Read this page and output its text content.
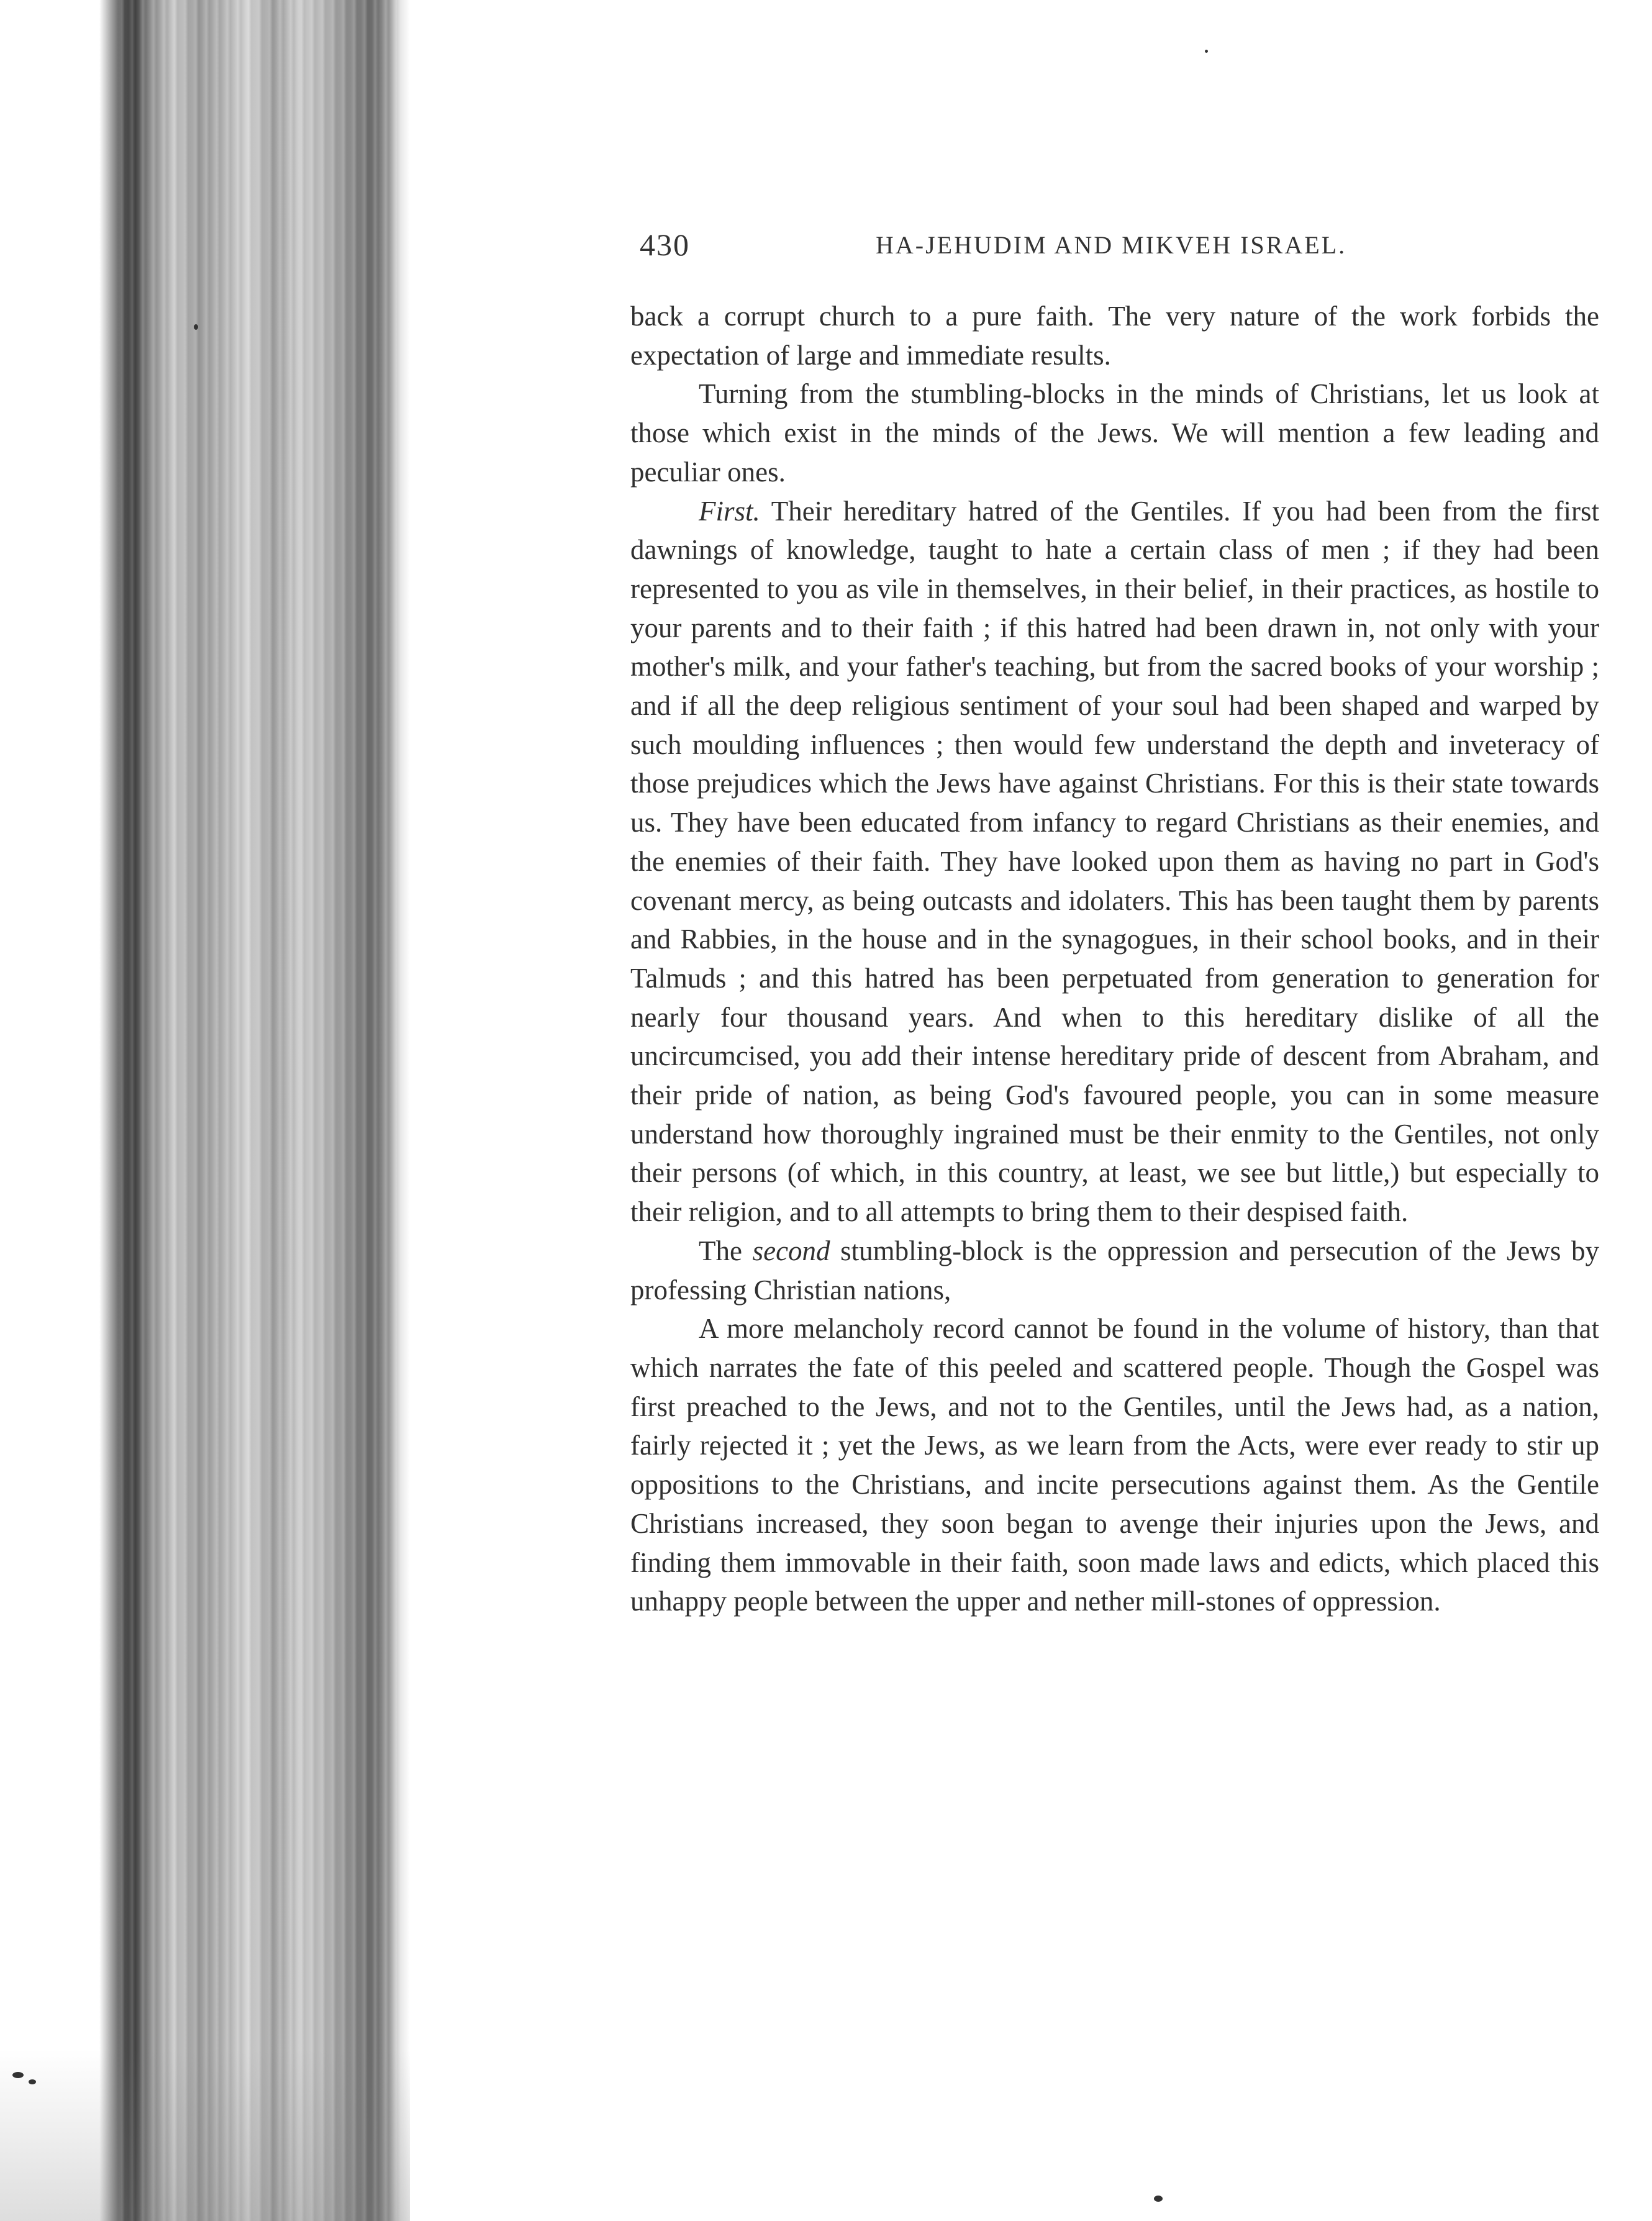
430	HA-JEHUDIM AND MIKVEH ISRAEL.

back a corrupt church to a pure faith. The very nature of the work forbids the expectation of large and immediate results.

Turning from the stumbling-blocks in the minds of Christians, let us look at those which exist in the minds of the Jews. We will mention a few leading and peculiar ones.

First. Their hereditary hatred of the Gentiles. If you had been from the first dawnings of knowledge, taught to hate a certain class of men ; if they had been represented to you as vile in themselves, in their belief, in their practices, as hostile to your parents and to their faith ; if this hatred had been drawn in, not only with your mother's milk, and your father's teaching, but from the sacred books of your worship ; and if all the deep religious sentiment of your soul had been shaped and warped by such moulding influences ; then would few understand the depth and inveteracy of those prejudices which the Jews have against Christians. For this is their state towards us. They have been educated from infancy to regard Christians as their enemies, and the enemies of their faith. They have looked upon them as having no part in God's covenant mercy, as being outcasts and idolaters. This has been taught them by parents and Rabbies, in the house and in the synagogues, in their school books, and in their Talmuds ; and this hatred has been perpetuated from generation to generation for nearly four thousand years. And when to this hereditary dislike of all the uncircumcised, you add their intense hereditary pride of descent from Abraham, and their pride of nation, as being God's favoured people, you can in some measure understand how thoroughly ingrained must be their enmity to the Gentiles, not only their persons (of which, in this country, at least, we see but little,) but especially to their religion, and to all attempts to bring them to their despised faith.

The second stumbling-block is the oppression and persecution of the Jews by professing Christian nations,

A more melancholy record cannot be found in the volume of history, than that which narrates the fate of this peeled and scattered people. Though the Gospel was first preached to the Jews, and not to the Gentiles, until the Jews had, as a nation, fairly rejected it ; yet the Jews, as we learn from the Acts, were ever ready to stir up oppositions to the Christians, and incite persecutions against them. As the Gentile Christians increased, they soon began to avenge their injuries upon the Jews, and finding them immovable in their faith, soon made laws and edicts, which placed this unhappy people between the upper and nether mill-stones of oppression.
